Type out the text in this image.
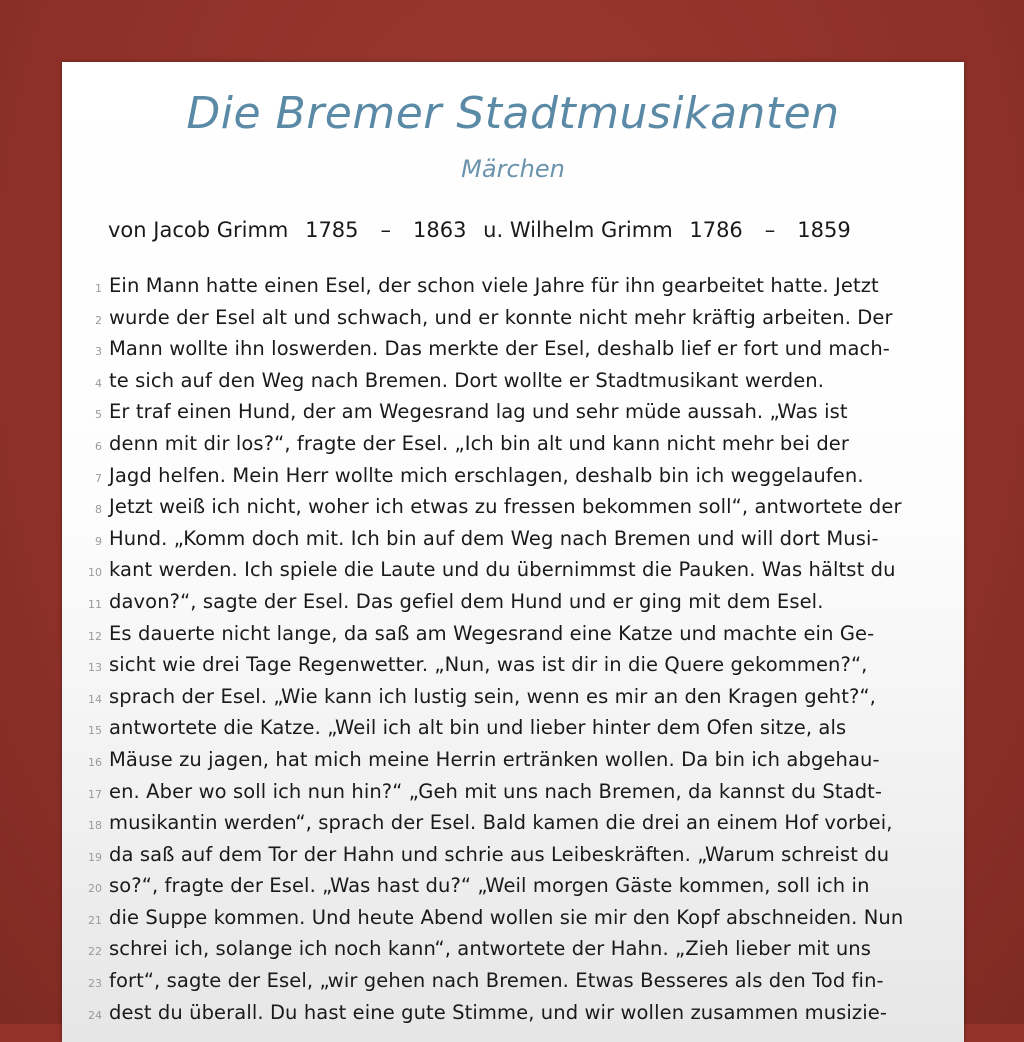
Die Bremer Stadtmusikanten
Märchen
von Jacob Grimm 1785 – 1863 u. Wilhelm Grimm 1786 – 1859
1 Ein Mann hatte einen Esel, der schon viele Jahre für ihn gearbeitet hatte. Jetzt
2 wurde der Esel alt und schwach, und er konnte nicht mehr kräftig arbeiten. Der
3 Mann wollte ihn loswerden. Das merkte der Esel, deshalb lief er fort und mach-
4 te sich auf den Weg nach Bremen. Dort wollte er Stadtmusikant werden.
5 Er traf einen Hund, der am Wegesrand lag und sehr müde aussah. „Was ist
6 denn mit dir los?“, fragte der Esel. „Ich bin alt und kann nicht mehr bei der
7 Jagd helfen. Mein Herr wollte mich erschlagen, deshalb bin ich weggelaufen.
8 Jetzt weiß ich nicht, woher ich etwas zu fressen bekommen soll“, antwortete der
9 Hund. „Komm doch mit. Ich bin auf dem Weg nach Bremen und will dort Musi-
10 kant werden. Ich spiele die Laute und du übernimmst die Pauken. Was hältst du
11 davon?“, sagte der Esel. Das gefiel dem Hund und er ging mit dem Esel.
12 Es dauerte nicht lange, da saß am Wegesrand eine Katze und machte ein Ge-
13 sicht wie drei Tage Regenwetter. „Nun, was ist dir in die Quere gekommen?“,
14 sprach der Esel. „Wie kann ich lustig sein, wenn es mir an den Kragen geht?“,
15 antwortete die Katze. „Weil ich alt bin und lieber hinter dem Ofen sitze, als
16 Mäuse zu jagen, hat mich meine Herrin ertränken wollen. Da bin ich abgehau-
17 en. Aber wo soll ich nun hin?“ „Geh mit uns nach Bremen, da kannst du Stadt-
18 musikantin werden“, sprach der Esel. Bald kamen die drei an einem Hof vorbei,
19 da saß auf dem Tor der Hahn und schrie aus Leibeskräften. „Warum schreist du
20 so?“, fragte der Esel. „Was hast du?“ „Weil morgen Gäste kommen, soll ich in
21 die Suppe kommen. Und heute Abend wollen sie mir den Kopf abschneiden. Nun
22 schrei ich, solange ich noch kann“, antwortete der Hahn. „Zieh lieber mit uns
23 fort“, sagte der Esel, „wir gehen nach Bremen. Etwas Besseres als den Tod fin-
24 dest du überall. Du hast eine gute Stimme, und wir wollen zusammen musizie-
